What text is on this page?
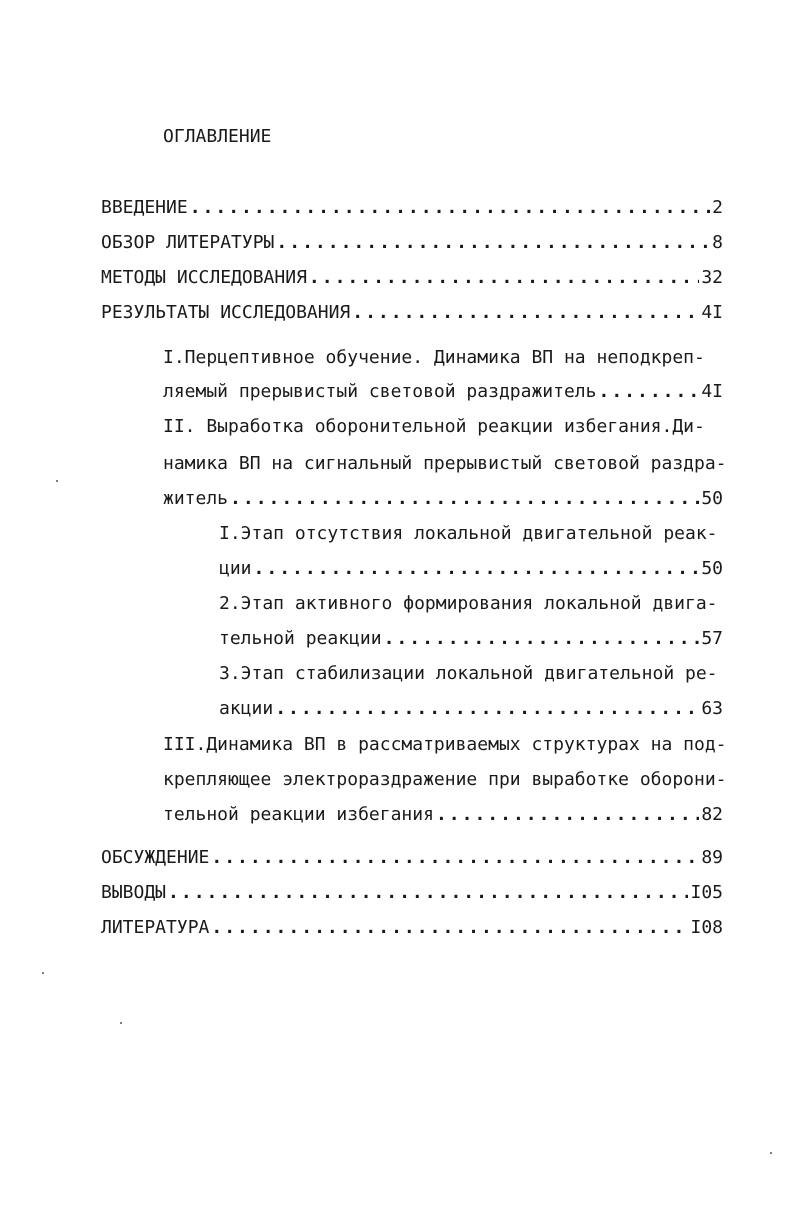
ОГЛАВЛЕНИЕ
ВВЕДЕНИЕ .....	2
ОБЗОР ЛИТЕРАТУРЫ .....	8
МЕТОДЫ ИССЛЕДОВАНИЯ .....	32
РЕЗУЛЬТАТЫ ИССЛЕДОВАНИЯ .....	4I
I.Перцептивное обучение. Динамика ВП на неподкреп-
ляемый прерывистый световой раздражитель .....	4I
II. Выработка оборонительной реакции избегания.Ди-
намика ВП на сигнальный прерывистый световой раздра-
житель .....	50
I.Этап отсутствия локальной двигательной реак-
ции .....	50
2.Этап активного формирования локальной двига-
тельной реакции .....	57
3.Этап стабилизации локальной двигательной ре-
акции .....	63
III.Динамика ВП в рассматриваемых структурах на под-
крепляющее электрораздражение при выработке оборони-
тельной реакции избегания .....	82
ОБСУЖДЕНИЕ .....	89
ВЫВОДЫ .....	I05
ЛИТЕРАТУРА .....	I08
